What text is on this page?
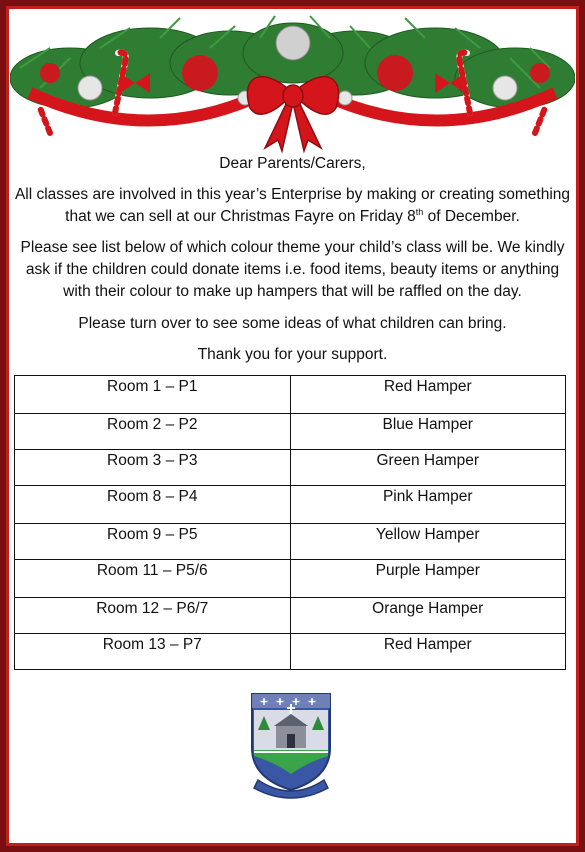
Dear Parents/Carers,
All classes are involved in this year’s Enterprise by making or creating something that we can sell at our Christmas Fayre on Friday 8th of December.
Please see list below of which colour theme your child’s class will be. We kindly ask if the children could donate items i.e. food items, beauty items or anything with their colour to make up hampers that will be raffled on the day.
Please turn over to see some ideas of what children can bring.
Thank you for your support.
Room 1 – P1	Red Hamper
Room 2 – P2	Blue Hamper
Room 3 – P3	Green Hamper
Room 8 – P4	Pink Hamper
Room 9 – P5	Yellow Hamper
Room 11 – P5/6	Purple Hamper
Room 12 – P6/7	Orange Hamper
Room 13 – P7	Red Hamper
